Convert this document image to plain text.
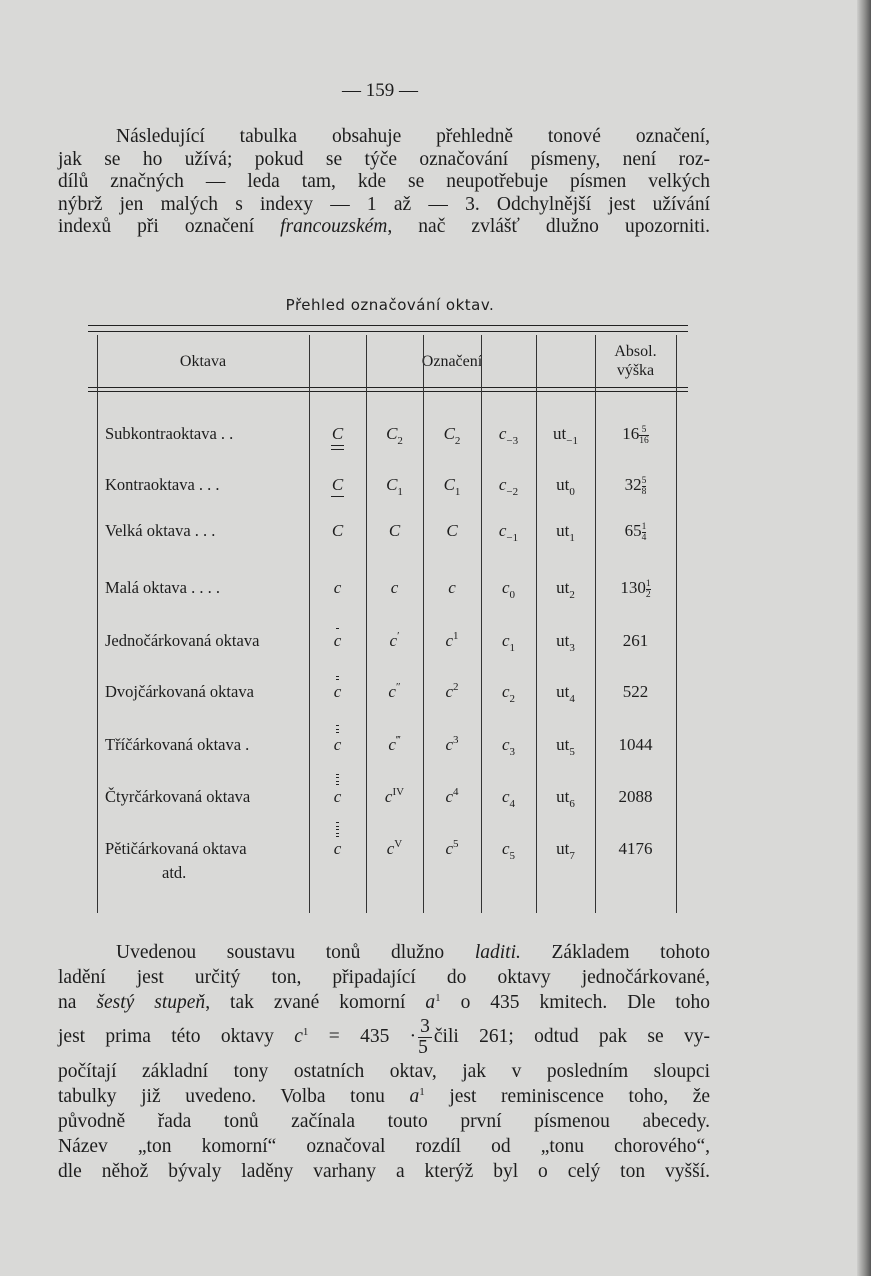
— 159 —
Následující tabulka obsahuje přehledně tonové označení,
jak se ho užívá; pokud se týče označování písmeny, není roz-
dílů značných — leda tam, kde se neupotřebuje písmen velkých
nýbrž jen malých s indexy — 1 až — 3. Odchylnější jest užívání
indexů při označení francouzském, nač zvlášť dlužno upozorniti.
Přehled označování oktav.
Oktava	Označení
Absol.
výška
atd.
Subkontraoktava . .	C	$C_2$	$C_2$	$c_{-3}$	$ut_{-1}$	$16 \frac{5}{16}$
Kontraoktava . . .	C	$C_1$	$C_1$	$c_{-2}$	$ut_0$	$32 \frac{5}{8}$
Velká oktava . . .	C	C	C	$c_{-1}$	$ut_1$	$65 \frac{1}{4}$
Malá oktava . . . .	c	c	c	$c_0$	$ut_2$	$130 \frac{1}{2}$
Jednočárkovaná oktava	c	c′	$c^1$	$c_1$	$ut_3$	261
Dvojčárkovaná oktava	c	c″	$c^2$	$c_2$	$ut_4$	522
Tříčárkovaná oktava .	c	c‴	$c^3$	$c_3$	$ut_5$	1044
Čtyrčárkovaná oktava	c	$c^{IV}$	$c^4$	$c_4$	$ut_6$	2088
Pětičárkovaná oktava	c	$c^V$	$c^5$	$c_5$	$ut_7$	4176
Uvedenou soustavu tonů dlužno laditi. Základem tohoto
ladění jest určitý ton, připadající do oktavy jednočárkované,
na šestý stupeň, tak zvané komorní $a^1$ o 435 kmitech. Dle toho
jest prima této oktavy $c^1 = 435 \cdot \frac{3}{5}$ čili 261; odtud pak se vy-
počítají základní tony ostatních oktav, jak v posledním sloupci
tabulky již uvedeno. Volba tonu $a^1$ jest reminiscence toho, že
původně řada tonů začínala touto první písmenou abecedy.
Název „ton komorní“ označoval rozdíl od „tonu chorového“,
dle něhož bývaly laděny varhany a kterýž byl o celý ton vyšší.
